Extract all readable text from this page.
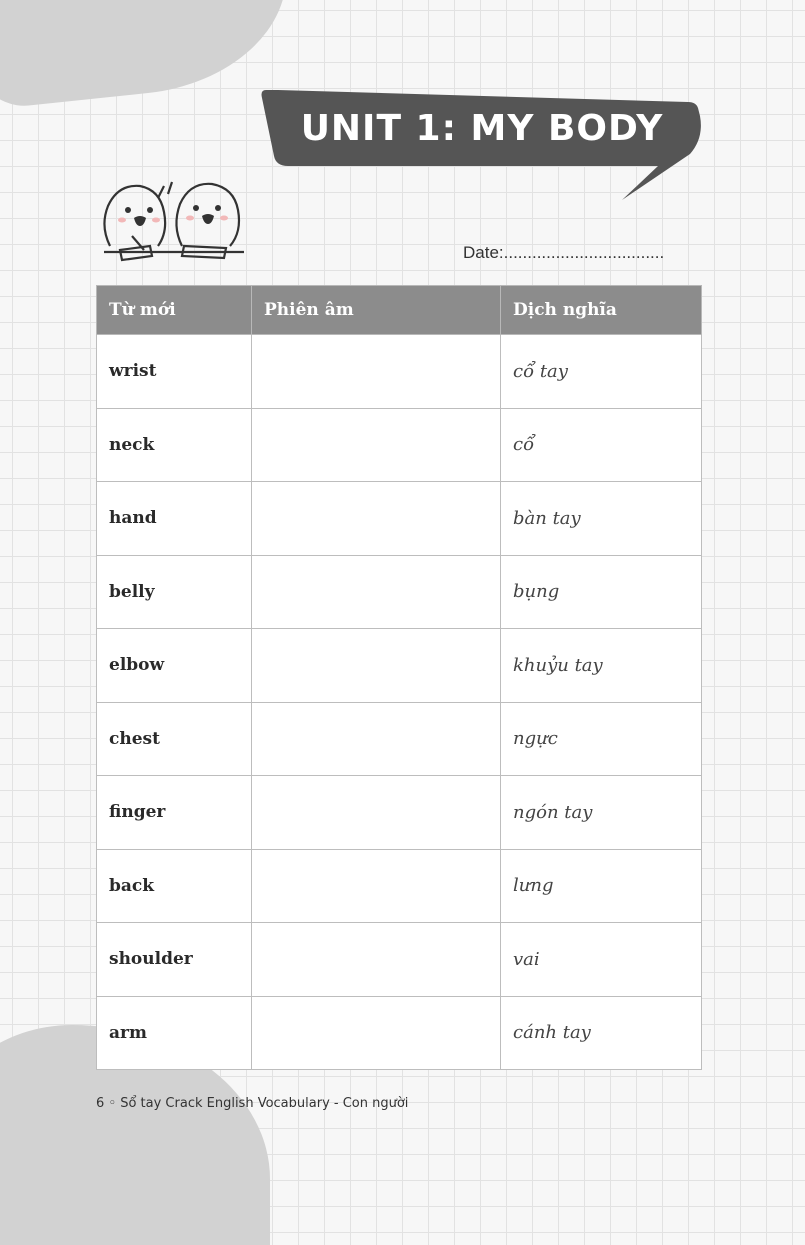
UNIT 1: MY BODY
Date:..................................
Từ mới	Phiên âm	Dịch nghĩa
wrist		cổ tay
neck		cổ
hand		bàn tay
belly		bụng
elbow		khuỷu tay
chest		ngực
finger		ngón tay
back		lưng
shoulder		vai
arm		cánh tay
6 ◦ Sổ tay Crack English Vocabulary - Con người
